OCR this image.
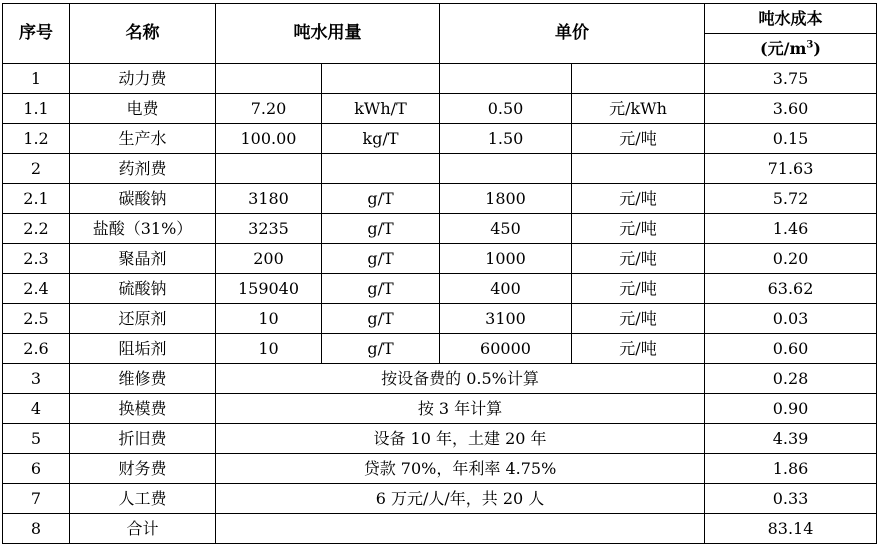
序号	名称	吨水用量		单价		吨水成本
						(元$/m^3$)
1	动力费					3.75
1.1	电费	7.20	kWh/T	0.50	元/kWh	3.60
1.2	生产水	100.00	kg/T	1.50	元/吨	0.15
2	药剂费					71.63
2.1	碳酸钠	3180	g/T	1800	元/吨	5.72
2.2	盐酸（31%）	3235	g/T	450	元/吨	1.46
2.3	聚晶剂	200	g/T	1000	元/吨	0.20
2.4	硫酸钠	159040	g/T	400	元/吨	63.62
2.5	还原剂	10	g/T	3100	元/吨	0.03
2.6	阻垢剂	10	g/T	60000	元/吨	0.60
3	维修费	按设备费的 0.5%计算				0.28
4	换模费	按 3 年计算				0.90
5	折旧费	设备 10 年，土建 20 年				4.39
6	财务费	贷款 70%，年利率 4.75%				1.86
7	人工费	6 万元/人/年，共 20 人				0.33
8	合计					83.14
